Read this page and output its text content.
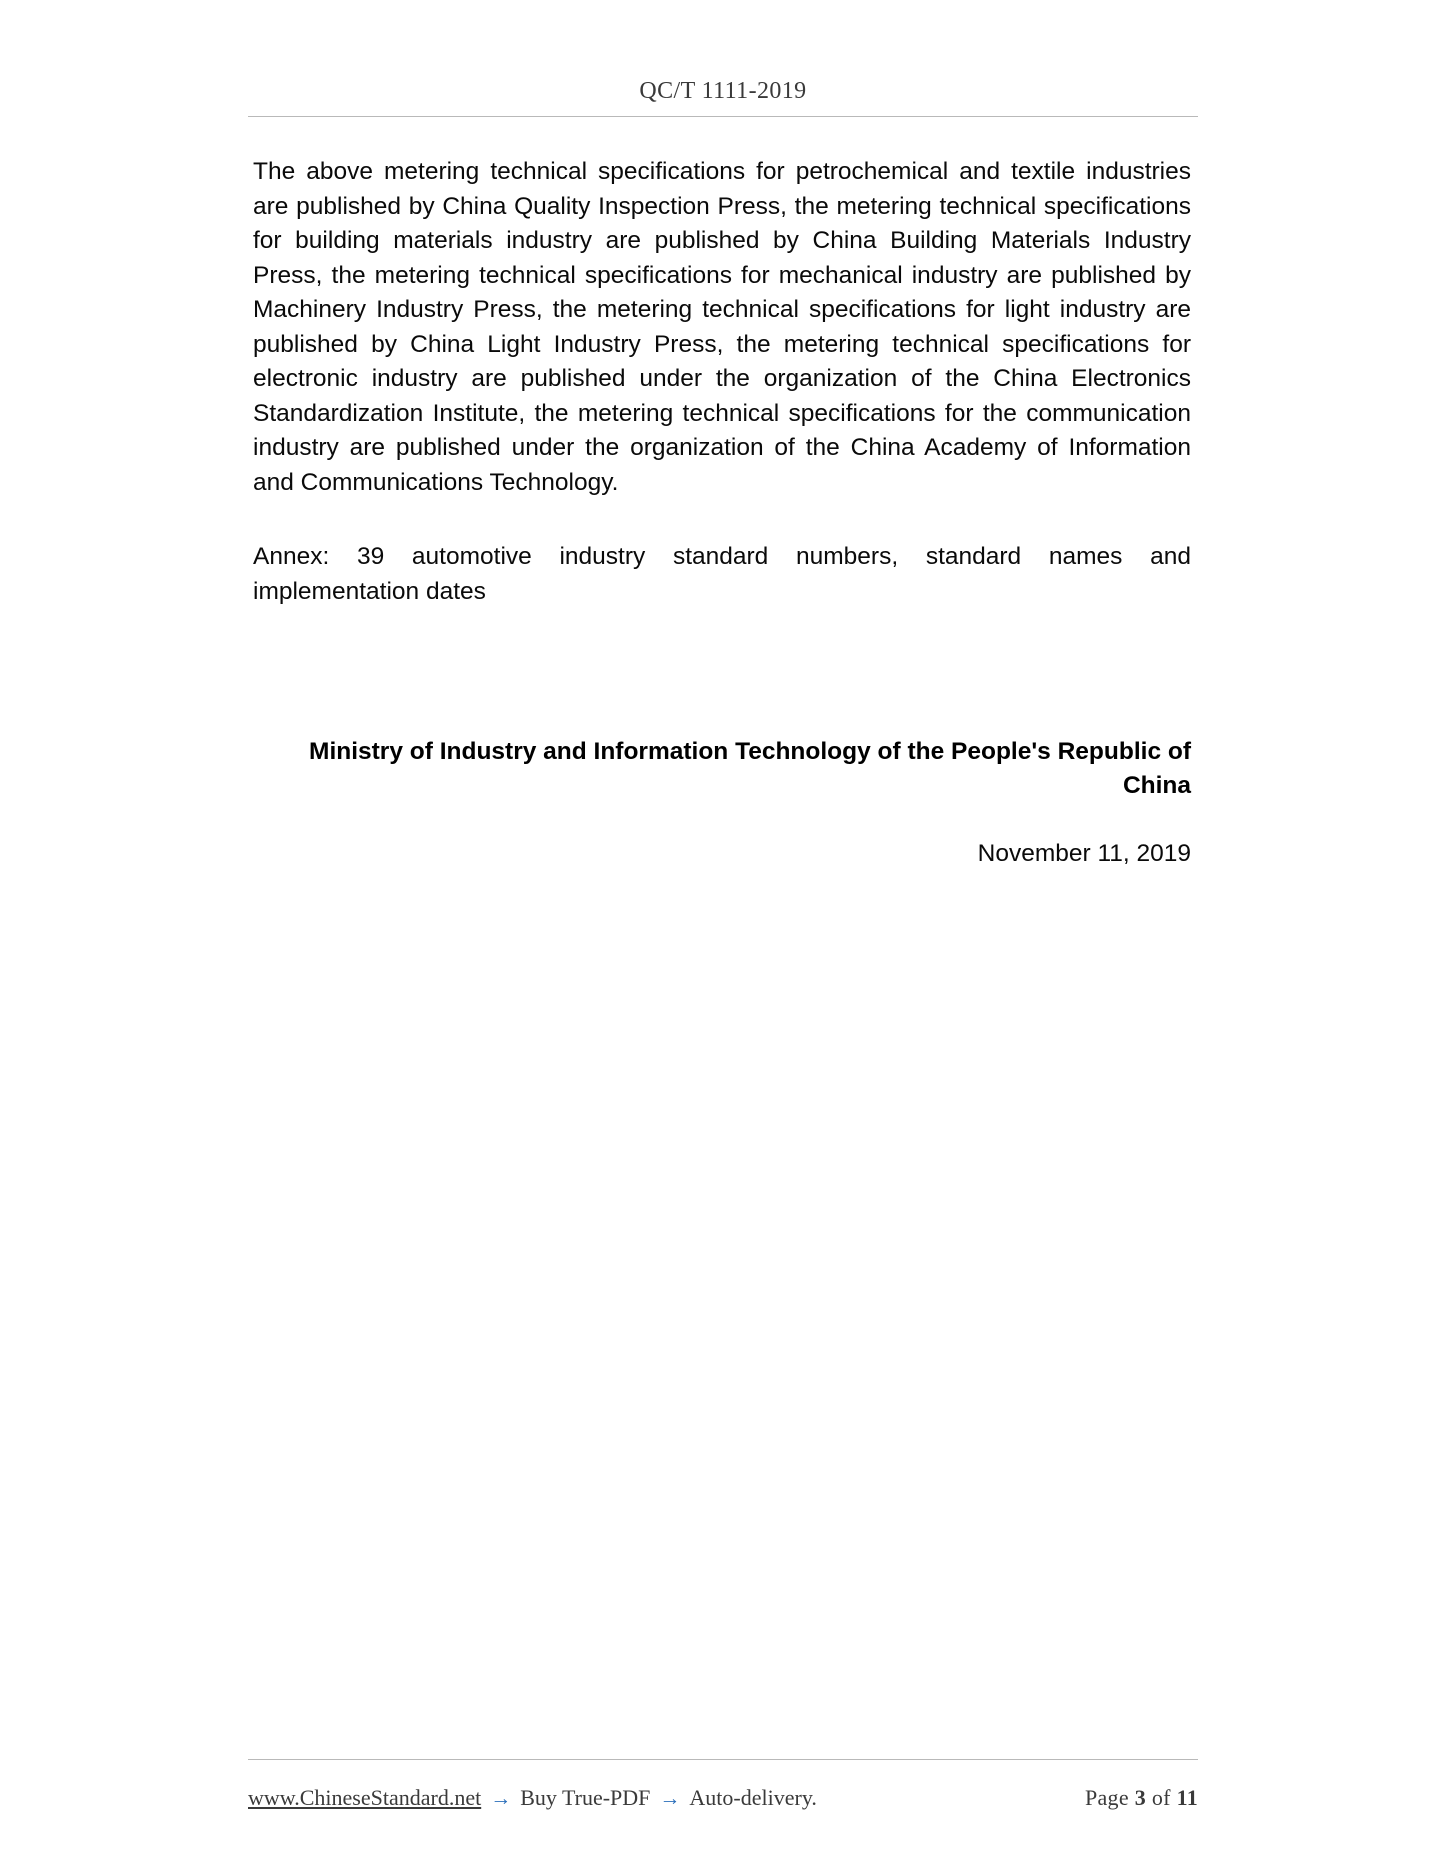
QC/T 1111-2019

The above metering technical specifications for petrochemical and textile industries are published by China Quality Inspection Press, the metering technical specifications for building materials industry are published by China Building Materials Industry Press, the metering technical specifications for mechanical industry are published by Machinery Industry Press, the metering technical specifications for light industry are published by China Light Industry Press, the metering technical specifications for electronic industry are published under the organization of the China Electronics Standardization Institute, the metering technical specifications for the communication industry are published under the organization of the China Academy of Information and Communications Technology.

Annex: 39 automotive industry standard numbers, standard names and implementation dates

Ministry of Industry and Information Technology of the People's Republic of China
November 11, 2019
www.ChineseStandard.net → Buy True-PDF → Auto-delivery.	Page 3 of 11
